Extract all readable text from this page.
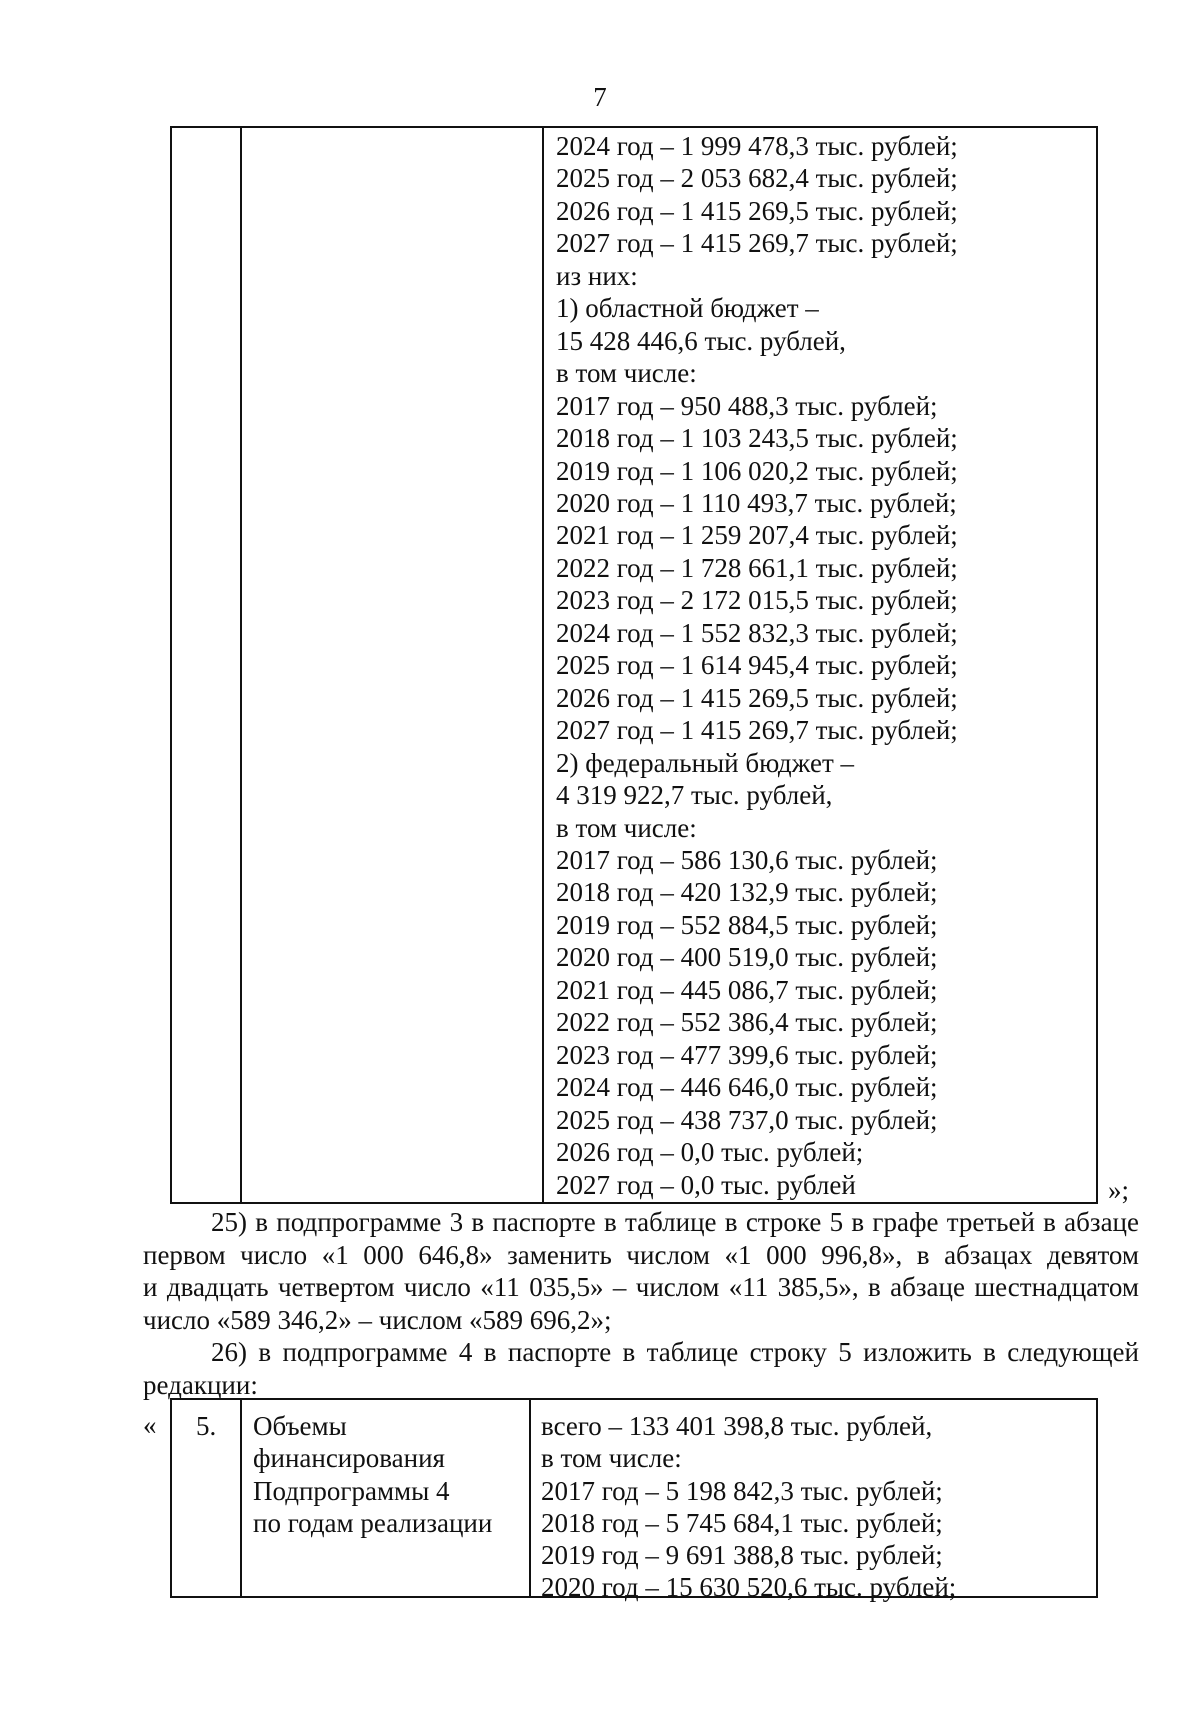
7
2024 год – 1 999 478,3 тыс. рублей;
2025 год – 2 053 682,4 тыс. рублей;
2026 год – 1 415 269,5 тыс. рублей;
2027 год – 1 415 269,7 тыс. рублей;
из них:
1) областной бюджет –
15 428 446,6 тыс. рублей,
в том числе:
2017 год – 950 488,3 тыс. рублей;
2018 год – 1 103 243,5 тыс. рублей;
2019 год – 1 106 020,2 тыс. рублей;
2020 год – 1 110 493,7 тыс. рублей;
2021 год – 1 259 207,4 тыс. рублей;
2022 год – 1 728 661,1 тыс. рублей;
2023 год – 2 172 015,5 тыс. рублей;
2024 год – 1 552 832,3 тыс. рублей;
2025 год – 1 614 945,4 тыс. рублей;
2026 год – 1 415 269,5 тыс. рублей;
2027 год – 1 415 269,7 тыс. рублей;
2) федеральный бюджет –
4 319 922,7 тыс. рублей,
в том числе:
2017 год – 586 130,6 тыс. рублей;
2018 год – 420 132,9 тыс. рублей;
2019 год – 552 884,5 тыс. рублей;
2020 год – 400 519,0 тыс. рублей;
2021 год – 445 086,7 тыс. рублей;
2022 год – 552 386,4 тыс. рублей;
2023 год – 477 399,6 тыс. рублей;
2024 год – 446 646,0 тыс. рублей;
2025 год – 438 737,0 тыс. рублей;
2026 год – 0,0 тыс. рублей;
2027 год – 0,0 тыс. рублей	»;
25) в подпрограмме 3 в паспорте в таблице в строке 5 в графе третьей в абзаце
первом число «1 000 646,8» заменить числом «1 000 996,8», в абзацах девятом
и двадцать четвертом число «11 035,5» – числом «11 385,5», в абзаце шестнадцатом
число «589 346,2» – числом «589 696,2»;
26) в подпрограмме 4 в паспорте в таблице строку 5 изложить в следующей
редакции:
« 5. Объемы
финансирования
Подпрограммы 4
по годам реализации
всего – 133 401 398,8 тыс. рублей,
в том числе:
2017 год – 5 198 842,3 тыс. рублей;
2018 год – 5 745 684,1 тыс. рублей;
2019 год – 9 691 388,8 тыс. рублей;
2020 год – 15 630 520,6 тыс. рублей;
